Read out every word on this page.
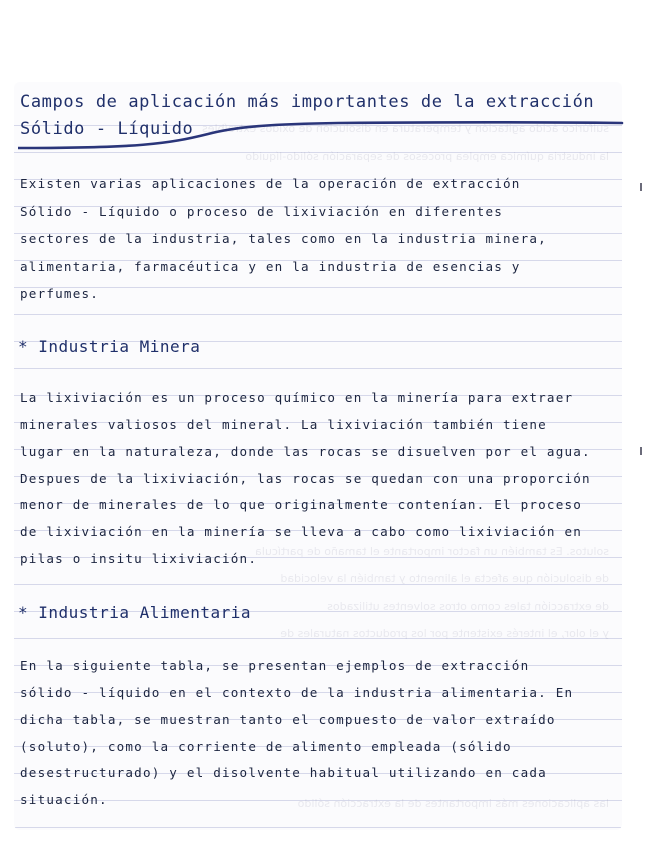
sulfúrico ácido agitación y temperatura en disolución de óxidos extraíbles
la industria química emplea procesos de separación sólido-líquido
solutos. Es también un factor importante el tamaño de partícula
de disolución que afecta el alimento y también la velocidad
de extracción tales como otros solventes utilizados
y el olor, el interés existente por los productos naturales de
las aplicaciones más importantes de la extracción sólido
Campos de aplicación más importantes de la extracción
Sólido - Líquido
Existen varias aplicaciones de la operación de extracción
Sólido - Líquido o proceso de lixiviación en diferentes
sectores de la industria, tales como en la industria minera,
alimentaria, farmacéutica y en la industria de esencias y
perfumes.
* Industria Minera
La lixiviación es un proceso químico en la minería para extraer
minerales valiosos del mineral. La lixiviación también tiene
lugar en la naturaleza, donde las rocas se disuelven por el agua.
Despues de la lixiviación, las rocas se quedan con una proporción
menor de minerales de lo que originalmente contenían. El proceso
de lixiviación en la minería se lleva a cabo como lixiviación en
pilas o insitu lixiviación.
* Industria Alimentaria
En la siguiente tabla, se presentan ejemplos de extracción
sólido - líquido en el contexto de la industria alimentaria. En
dicha tabla, se muestran tanto el compuesto de valor extraído
(soluto), como la corriente de alimento empleada (sólido
desestructurado) y el disolvente habitual utilizando en cada
situación.
